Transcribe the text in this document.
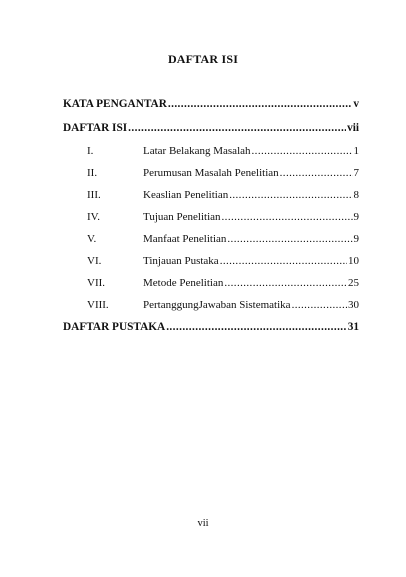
DAFTAR ISI
KATA PENGANTAR .....	v
DAFTAR ISI .....	vii
I.	Latar Belakang Masalah .....	1
II.	Perumusan Masalah Penelitian .....	7
III.	Keaslian Penelitian .....	8
IV.	Tujuan Penelitian .....	9
V.	Manfaat Penelitian .....	9
VI.	Tinjauan Pustaka .....	10
VII.	Metode Penelitian .....	25
VIII.	PertanggungJawaban Sistematika .....	30
DAFTAR PUSTAKA .....	31
vii
